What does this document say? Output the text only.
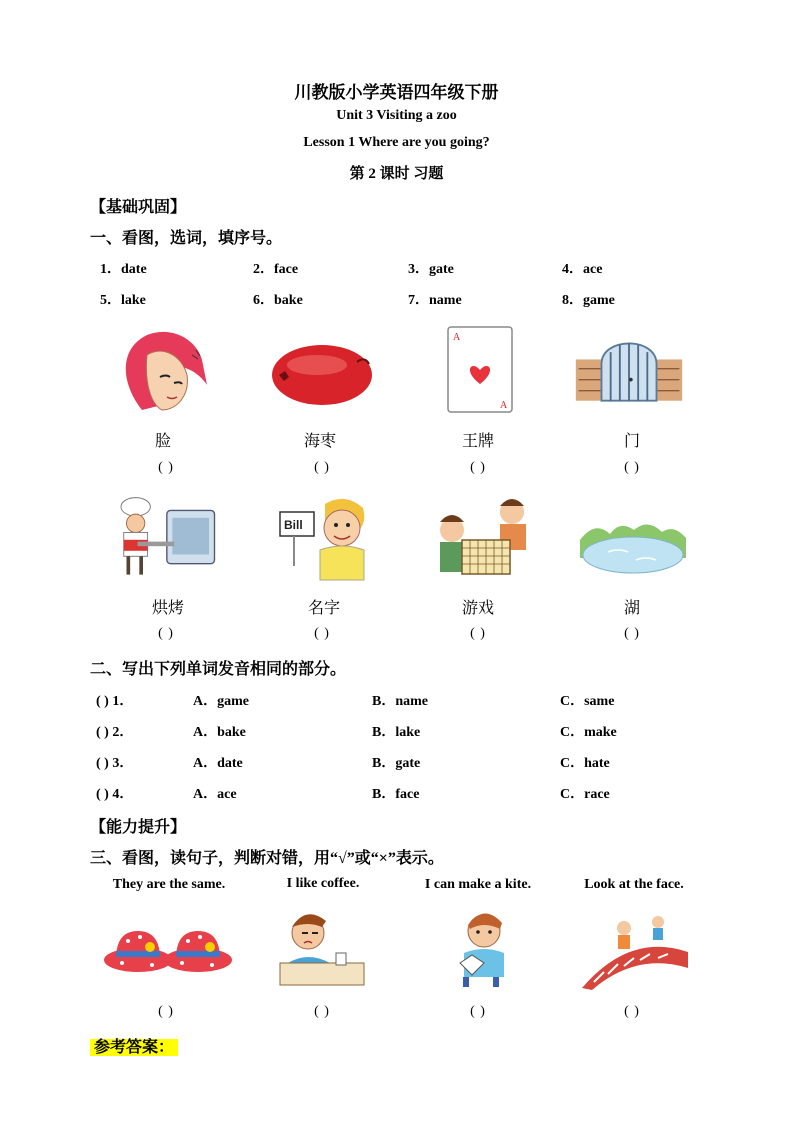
川教版小学英语四年级下册
Unit 3 Visiting a zoo
Lesson 1 Where are you going?
第 2 课时 习题
【基础巩固】
一、看图，选词，填序号。
1．date	2．face	3．gate	4．ace
5．lake	6．bake	7．name	8．game
A
A
脸	海枣	王牌	门
( )	( )	( )	( )
Bill
烘烤	名字	游戏	湖
( )	( )	( )	( )
二、写出下列单词发音相同的部分。
( ) 1．	A．game	B．name	C．same
( ) 2．	A．bake	B．lake	C．make
( ) 3．	A．date	B．gate	C．hate
( ) 4．	A．ace	B．face	C．race
【能力提升】
三、看图，读句子，判断对错，用“√”或“×”表示。
They are the same.	I like coffee.	I can make a kite.	Look at the face.
( )	( )	( )	( )
参考答案：
